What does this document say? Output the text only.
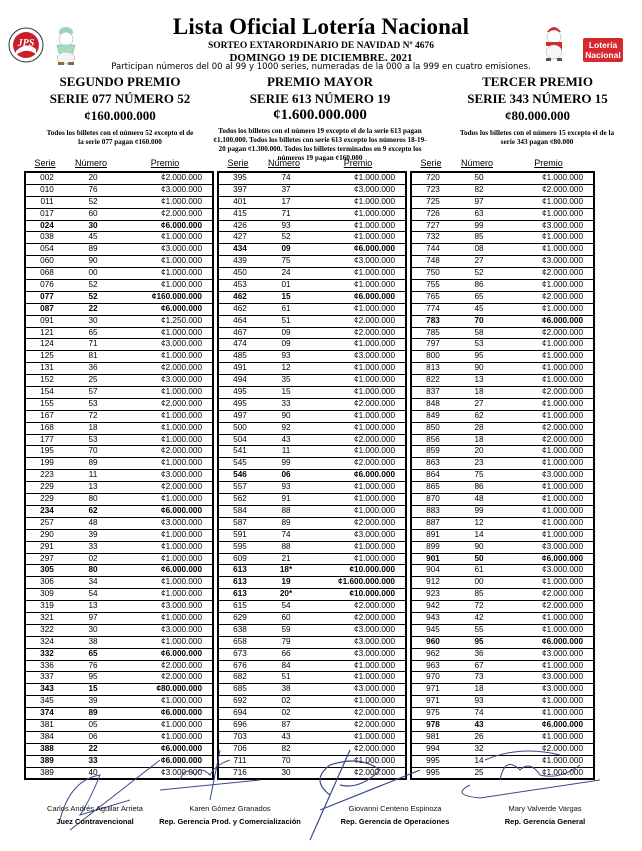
JPS	Lotería
Nacional
Lista Oficial Lotería Nacional
SORTEO EXTARORDINARIO DE NAVIDAD Nº 4676
DOMINGO 19 DE DICIEMBRE. 2021
Participan números del 00 al 99 y 1000 series, numeradas de la 000 a la 999 en cuatro emisiones.
SEGUNDO PREMIO
SERIE 077 NÚMERO 52
¢160.000.000
Todos los billetes con el número 52 excepto el de la serie 077 pagan ¢160.000
PREMIO MAYOR
SERIE 613 NÚMERO 19
¢1.600.000.000
Todos los billetes con el número 19 excepto el de la serie 613 pagan ¢1.100.000. Todos los billetes con serie 613 excepto los números 18-19-20 pagan ¢1.300.000. Todos los billetes terminados en 9 excepto los números 19 pagan ¢160.000
TERCER PREMIO
SERIE 343 NÚMERO 15
¢80.000.000
Todos los billetes con el número 15 excepto el de la serie 343 pagan ¢80.000
Serie	Número	Premio
002	20	¢2.000.000
010	76	¢3.000.000
011	52	¢1.000.000
017	60	¢2.000.000
024	30	¢6.000.000
038	45	¢1.000.000
054	89	¢3.000.000
060	90	¢1.000.000
068	00	¢1.000.000
076	52	¢1.000.000
077	52	¢160.000.000
087	22	¢6.000.000
091	30	¢1.250.000
121	65	¢1.000.000
124	71	¢3.000.000
125	81	¢1.000.000
131	36	¢2.000.000
152	25	¢3.000.000
154	57	¢1.000.000
155	53	¢2.000.000
167	72	¢1.000.000
168	18	¢1.000.000
177	53	¢1.000.000
195	70	¢2.000.000
199	89	¢1.000.000
223	11	¢3.000.000
229	13	¢2.000.000
229	80	¢1.000.000
234	62	¢6.000.000
257	48	¢3.000.000
290	39	¢1.000.000
291	33	¢1.000.000
297	02	¢1.000.000
305	80	¢6.000.000
306	34	¢1.000.000
309	54	¢1.000.000
319	13	¢3.000.000
321	97	¢1.000.000
322	30	¢3.000.000
324	38	¢1.000.000
332	65	¢6.000.000
336	76	¢2.000.000
337	95	¢2.000.000
343	15	¢80.000.000
345	39	¢1.000.000
374	89	¢6.000.000
381	05	¢1.000.000
384	06	¢1.000.000
388	22	¢6.000.000
389	33	¢6.000.000
389	40	¢3.000.000
Serie	Número	Premio
395	74	¢1.000.000
397	37	¢3.000.000
401	17	¢1.000.000
415	71	¢1.000.000
426	93	¢1.000.000
427	52	¢1.000.000
434	09	¢6.000.000
439	75	¢3.000.000
450	24	¢1.000.000
453	01	¢1.000.000
462	15	¢6.000.000
462	61	¢1.000.000
464	51	¢2.000.000
467	09	¢2.000.000
474	09	¢1.000.000
485	93	¢3.000.000
491	12	¢1.000.000
494	35	¢1.000.000
495	15	¢1.000.000
495	33	¢2.000.000
497	90	¢1.000.000
500	92	¢1.000.000
504	43	¢2.000.000
541	11	¢1.000.000
545	99	¢2.000.000
546	06	¢6.000.000
557	93	¢1.000.000
562	91	¢1.000.000
584	88	¢1.000.000
587	89	¢2.000.000
591	74	¢3.000.000
595	88	¢1.000.000
609	21	¢1.000.000
613	18*	¢10.000.000
613	19	¢1.600.000.000
613	20*	¢10.000.000
615	54	¢2.000.000
629	60	¢2.000.000
638	59	¢3.000.000
658	79	¢3.000.000
673	66	¢3.000.000
676	84	¢1.000.000
682	51	¢1.000.000
685	38	¢3.000.000
692	02	¢1.000.000
694	02	¢2.000.000
696	87	¢2.000.000
703	43	¢1.000.000
706	82	¢2.000.000
711	70	¢1.000.000
716	30	¢2.000.000
Serie	Número	Premio
720	50	¢1.000.000
723	82	¢2.000.000
725	97	¢1.000.000
726	63	¢1.000.000
727	99	¢3.000.000
732	85	¢1.000.000
744	08	¢1.000.000
748	27	¢3.000.000
750	52	¢2.000.000
755	86	¢1.000.000
765	65	¢2.000.000
774	45	¢1.000.000
783	70	¢6.000.000
785	58	¢2.000.000
797	53	¢1.000.000
800	95	¢1.000.000
813	90	¢1.000.000
822	13	¢1.000.000
837	18	¢2.000.000
848	27	¢1.000.000
849	62	¢1.000.000
850	28	¢2.000.000
856	18	¢2.000.000
859	20	¢1.000.000
863	23	¢1.000.000
864	75	¢3.000.000
865	86	¢1.000.000
870	48	¢1.000.000
883	99	¢1.000.000
887	12	¢1.000.000
891	14	¢1.000.000
899	90	¢3.000.000
901	50	¢6.000.000
904	61	¢3.000.000
912	00	¢1.000.000
923	85	¢2.000.000
942	72	¢2.000.000
943	42	¢1.000.000
945	55	¢1.000.000
960	95	¢6.000.000
962	36	¢3.000.000
963	67	¢1.000.000
970	73	¢3.000.000
971	18	¢3.000.000
971	93	¢1.000.000
975	74	¢1.000.000
978	43	¢6.000.000
981	26	¢1.000.000
994	32	¢2.000.000
995	14	¢1.000.000
995	25	¢1.000.000
Carlos Andrés Aguilar Arrieta
Juez Contravencional
Karen Gómez Granados
Rep. Gerencia Prod. y Comercialización
Giovanni Centeno Espinoza
Rep. Gerencia de Operaciones
Mary Valverde Vargas
Rep. Gerencia General
